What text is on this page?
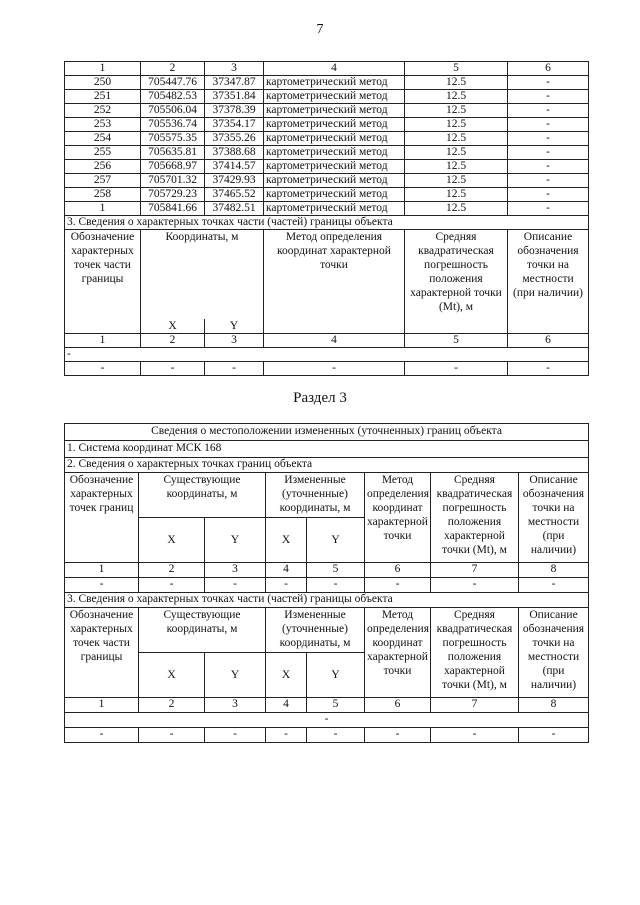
7
1	2	3	4	5	6
250	705447.76	37347.87	картометрический метод	12.5	-
251	705482.53	37351.84	картометрический метод	12.5	-
252	705506.04	37378.39	картометрический метод	12.5	-
253	705536.74	37354.17	картометрический метод	12.5	-
254	705575.35	37355.26	картометрический метод	12.5	-
255	705635.81	37388.68	картометрический метод	12.5	-
256	705668.97	37414.57	картометрический метод	12.5	-
257	705701.32	37429.93	картометрический метод	12.5	-
258	705729.23	37465.52	картометрический метод	12.5	-
1	705841.66	37482.51	картометрический метод	12.5	-
3. Сведения о характерных точках части (частей) границы объекта					
Обозначение характерных точек части границы	Координаты, м		Метод определения координат характерной точки	Средняя квадратическая погрешность положения характерной точки (Mt), м	Описание обозначения точки на местности (при наличии)
	X	Y			
1	2	3	4	5	6
-					
-	-	-	-	-	-
Раздел 3
Сведения о местоположении измененных (уточненных) границ объекта							
1. Система координат МСК 168							
2. Сведения о характерных точках границ объекта							
Обозначение характерных точек границ	Существующие координаты, м		Измененные (уточненные) координаты, м		Метод определения координат характерной точки	Средняя квадратическая погрешность положения характерной точки (Mt), м	Описание обозначения точки на местности (при наличии)
	X	Y	X	Y			
1	2	3	4	5	6	7	8
-	-	-	-	-	-	-	-
3. Сведения о характерных точках части (частей) границы объекта							
Обозначение характерных точек части границы	Существующие координаты, м		Измененные (уточненные) координаты, м		Метод определения координат характерной точки	Средняя квадратическая погрешность положения характерной точки (Mt), м	Описание обозначения точки на местности (при наличии)
	X	Y	X	Y			
1	2	3	4	5	6	7	8
-							
-	-	-	-	-	-	-	-
